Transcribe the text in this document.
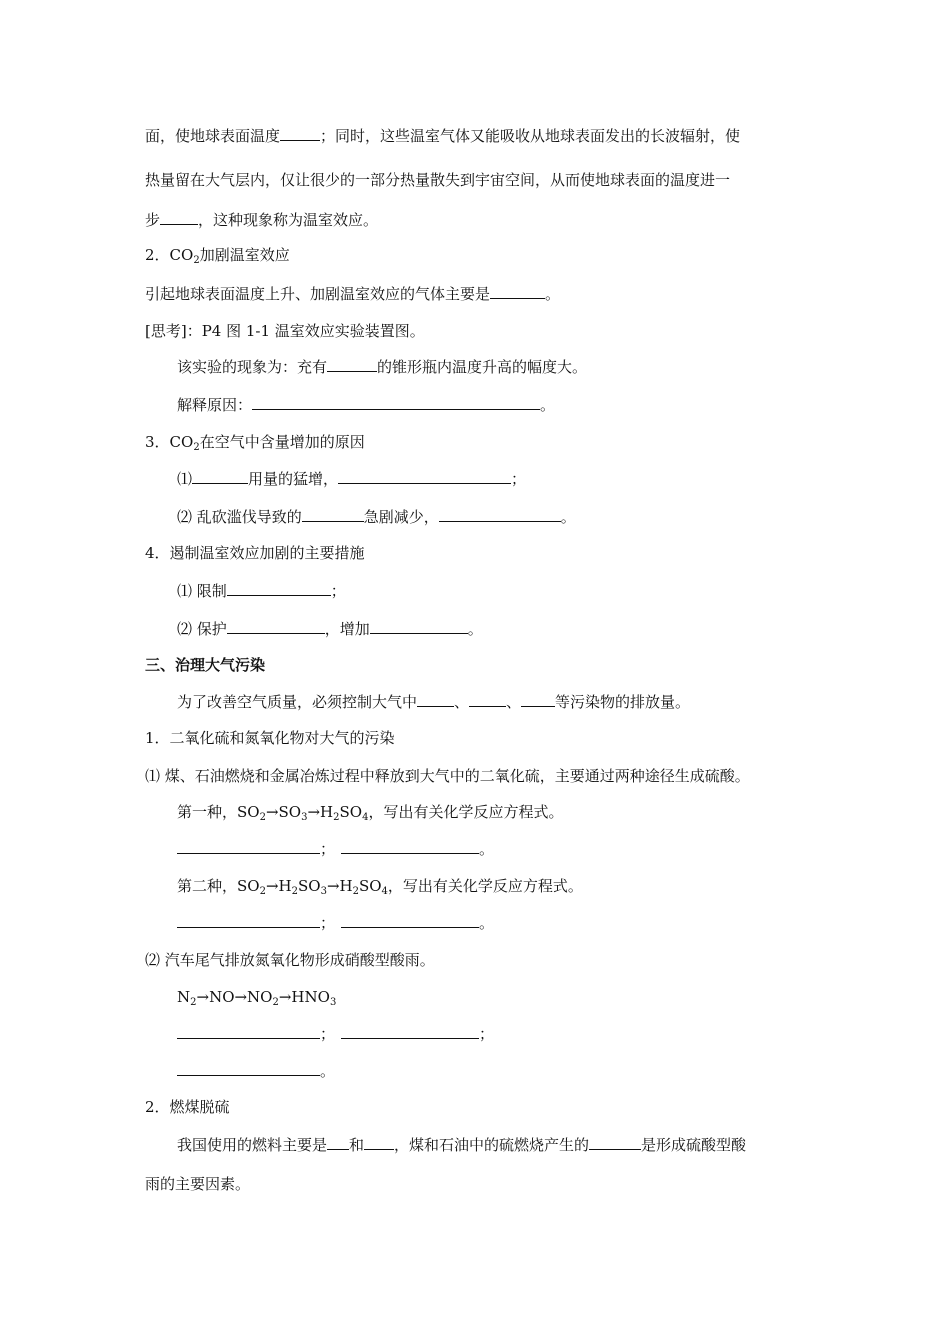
面，使地球表面温度	；同时，这些温室气体又能吸收从地球表面发出的长波辐射，使
热量留在大气层内，仅让很少的一部分热量散失到宇宙空间，从而使地球表面的温度进一
步	，这种现象称为温室效应。
2．$CO_2$加剧温室效应
引起地球表面温度上升、加剧温室效应的气体主要是	。
[思考]：P4 图 1-1 温室效应实验装置图。
该实验的现象为：充有	的锥形瓶内温度升高的幅度大。
解释原因：	。
3．$CO_2$在空气中含量增加的原因
⑴	用量的猛增，	；
⑵ 乱砍滥伐导致的	急剧减少，	。
4．遏制温室效应加剧的主要措施
⑴ 限制	；
⑵ 保护	，增加	。
三、治理大气污染
为了改善空气质量，必须控制大气中 、 、 等污染物的排放量。
1．二氧化硫和氮氧化物对大气的污染
⑴ 煤、石油燃烧和金属冶炼过程中释放到大气中的二氧化硫，主要通过两种途径生成硫酸。
第一种，$SO_2\to SO_3\to H_2SO_4$，写出有关化学反应方程式。
；	。
第二种，$SO_2\to H_2SO_3\to H_2SO_4$，写出有关化学反应方程式。
；	。
⑵ 汽车尾气排放氮氧化物形成硝酸型酸雨。
$N_2\to NO\to NO_2\to HNO_3$
；	；
。
2．燃煤脱硫
我国使用的燃料主要是 和 ，煤和石油中的硫燃烧产生的	是形成硫酸型酸
雨的主要因素。
